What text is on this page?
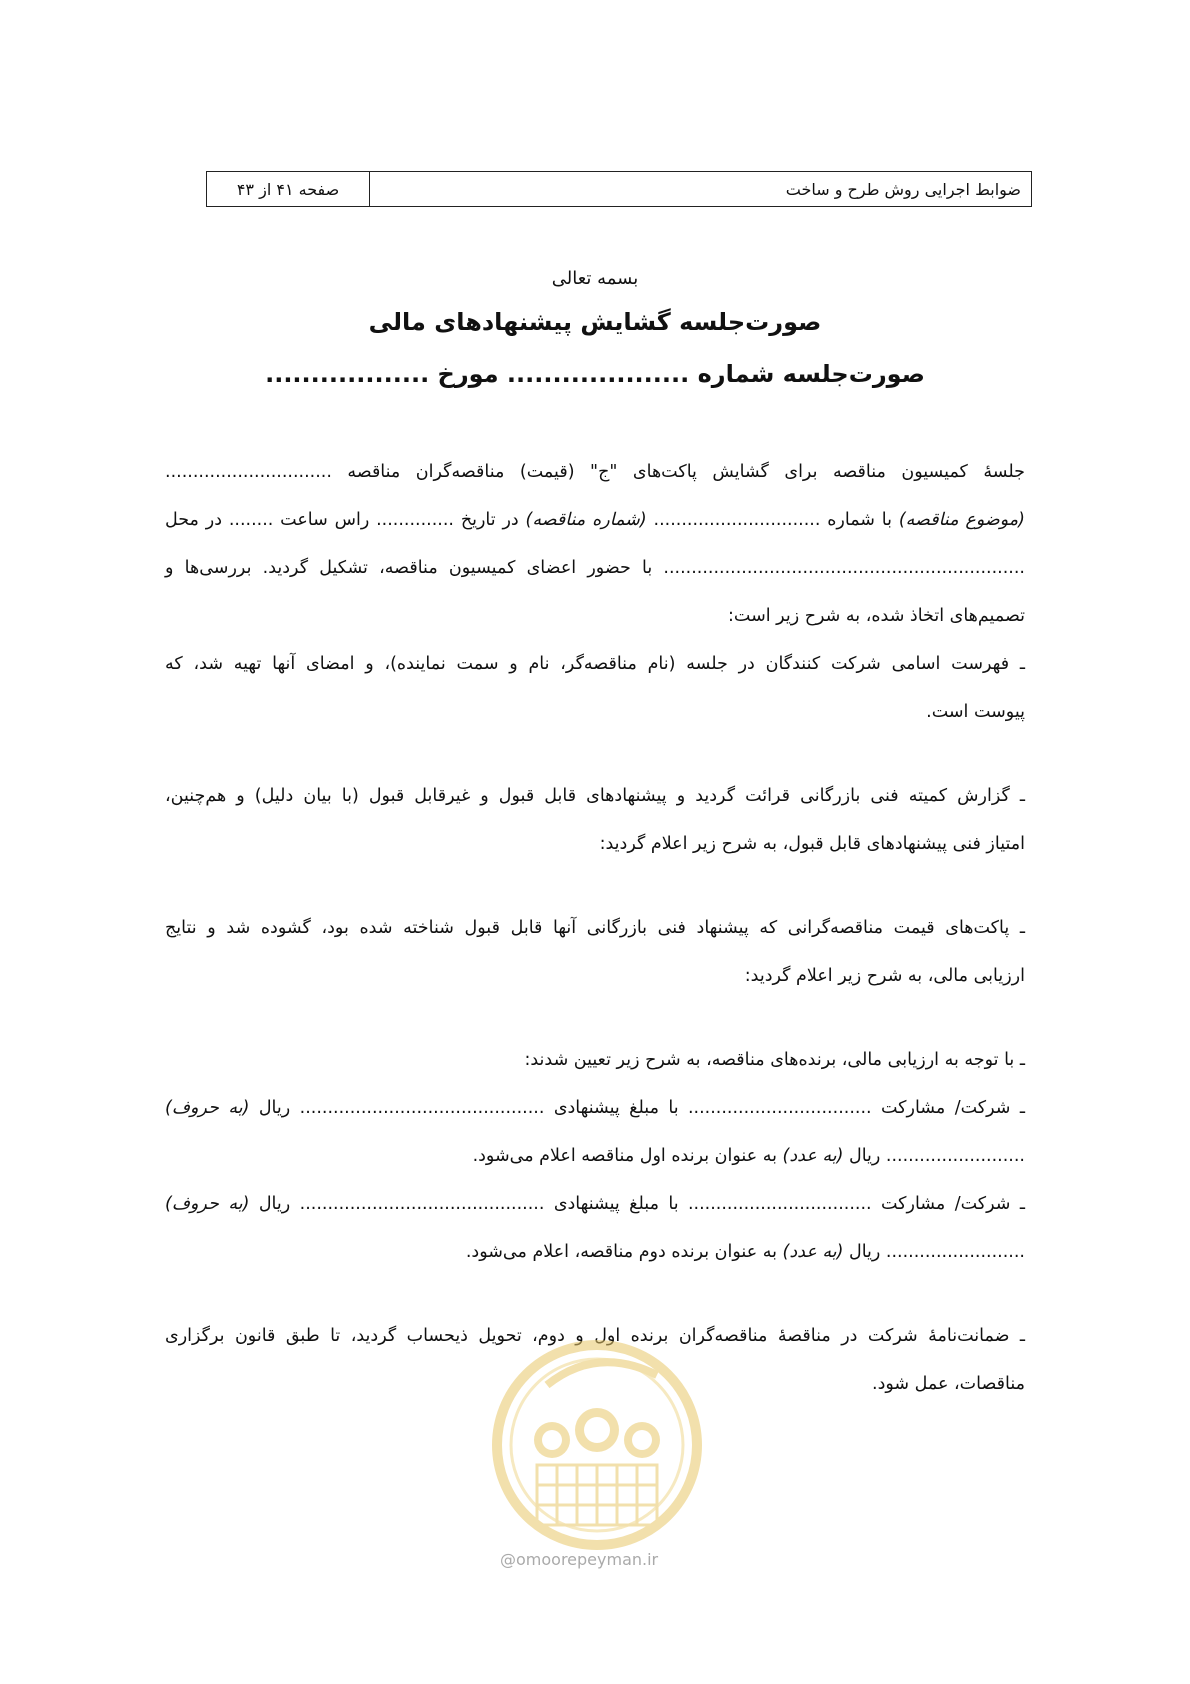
ضوابط اجرایی روش طرح و ساخت
صفحه ۴۱ از ۴۳
بسمه تعالی
صورت‌جلسه گشایش پیشنهادهای مالی
صورت‌جلسه شماره .................... مورخ ..................
جلسهٔ کمیسیون مناقصه برای گشایش پاکت‌های "ج" (قیمت) مناقصه‌گران مناقصه ..............................
(موضوع مناقصه) با شماره .............................. (شماره مناقصه) در تاریخ .............. راس ساعت ........ در محل
................................................................. با حضور اعضای کمیسیون مناقصه، تشکیل گردید. بررسی‌ها و
تصمیم‌های اتخاذ شده، به شرح زیر است:
ـ فهرست اسامی شرکت کنندگان در جلسه (نام مناقصه‌گر، نام و سمت نماینده)، و امضای آنها تهیه شد، که
پیوست است.
ـ گزارش کمیته فنی بازرگانی قرائت گردید و پیشنهادهای قابل قبول و غیرقابل قبول (با بیان دلیل) و هم‌چنین،
امتیاز فنی پیشنهادهای قابل قبول، به شرح زیر اعلام گردید:
ـ پاکت‌های قیمت مناقصه‌گرانی که پیشنهاد فنی بازرگانی آنها قابل قبول شناخته شده بود، گشوده شد و نتایج
ارزیابی مالی، به شرح زیر اعلام گردید:
ـ با توجه به ارزیابی مالی، برنده‌های مناقصه، به شرح زیر تعیین شدند:
ـ شرکت/ مشارکت ................................. با مبلغ پیشنهادی ............................................ ریال (به حروف)
......................... ریال (به عدد) به عنوان برنده اول مناقصه اعلام می‌شود.
ـ شرکت/ مشارکت ................................. با مبلغ پیشنهادی ............................................ ریال (به حروف)
......................... ریال (به عدد) به عنوان برنده دوم مناقصه، اعلام می‌شود.
ـ ضمانت‌نامهٔ شرکت در مناقصهٔ مناقصه‌گران برنده اول و دوم، تحویل ذیحساب گردید، تا طبق قانون برگزاری
مناقصات، عمل شود.
@omoorepeyman.ir
